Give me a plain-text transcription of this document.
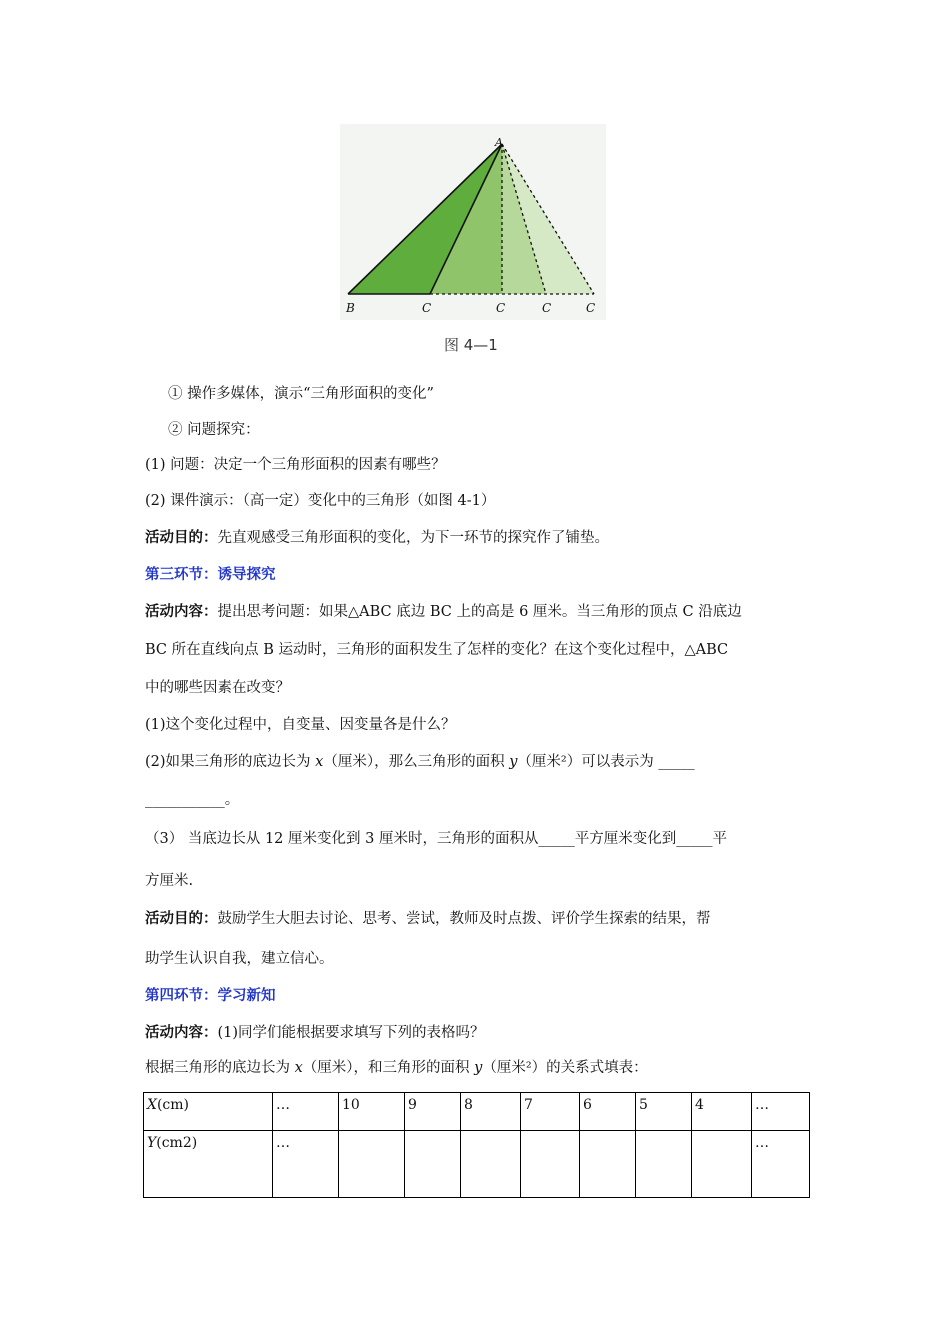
A
B	C	C	C	C
图 4—1
① 操作多媒体，演示“三角形面积的变化”
② 问题探究：
(1) 问题：决定一个三角形面积的因素有哪些？
(2) 课件演示：（高一定）变化中的三角形（如图 4-1）
活动目的：先直观感受三角形面积的变化，为下一环节的探究作了铺垫。
第三环节：诱导探究
活动内容：提出思考问题：如果△ABC 底边 BC 上的高是 6 厘米。当三角形的顶点 C 沿底边
BC 所在直线向点 B 运动时，三角形的面积发生了怎样的变化？在这个变化过程中，△ABC
中的哪些因素在改变？
(1)这个变化过程中，自变量、因变量各是什么？
(2)如果三角形的底边长为 x（厘米），那么三角形的面积 y（厘米²）可以表示为 _____
___________。
（3） 当底边长从 12 厘米变化到 3 厘米时，三角形的面积从_____平方厘米变化到_____平
方厘米.
活动目的：鼓励学生大胆去讨论、思考、尝试，教师及时点拨、评价学生探索的结果，帮
助学生认识自我，建立信心。
第四环节：学习新知
活动内容：(1)同学们能根据要求填写下列的表格吗？
根据三角形的底边长为 x（厘米），和三角形的面积 y（厘米²）的关系式填表：
X(cm)	…	10	9	8	7	6	5	4	…
Y(cm2)	…								…
